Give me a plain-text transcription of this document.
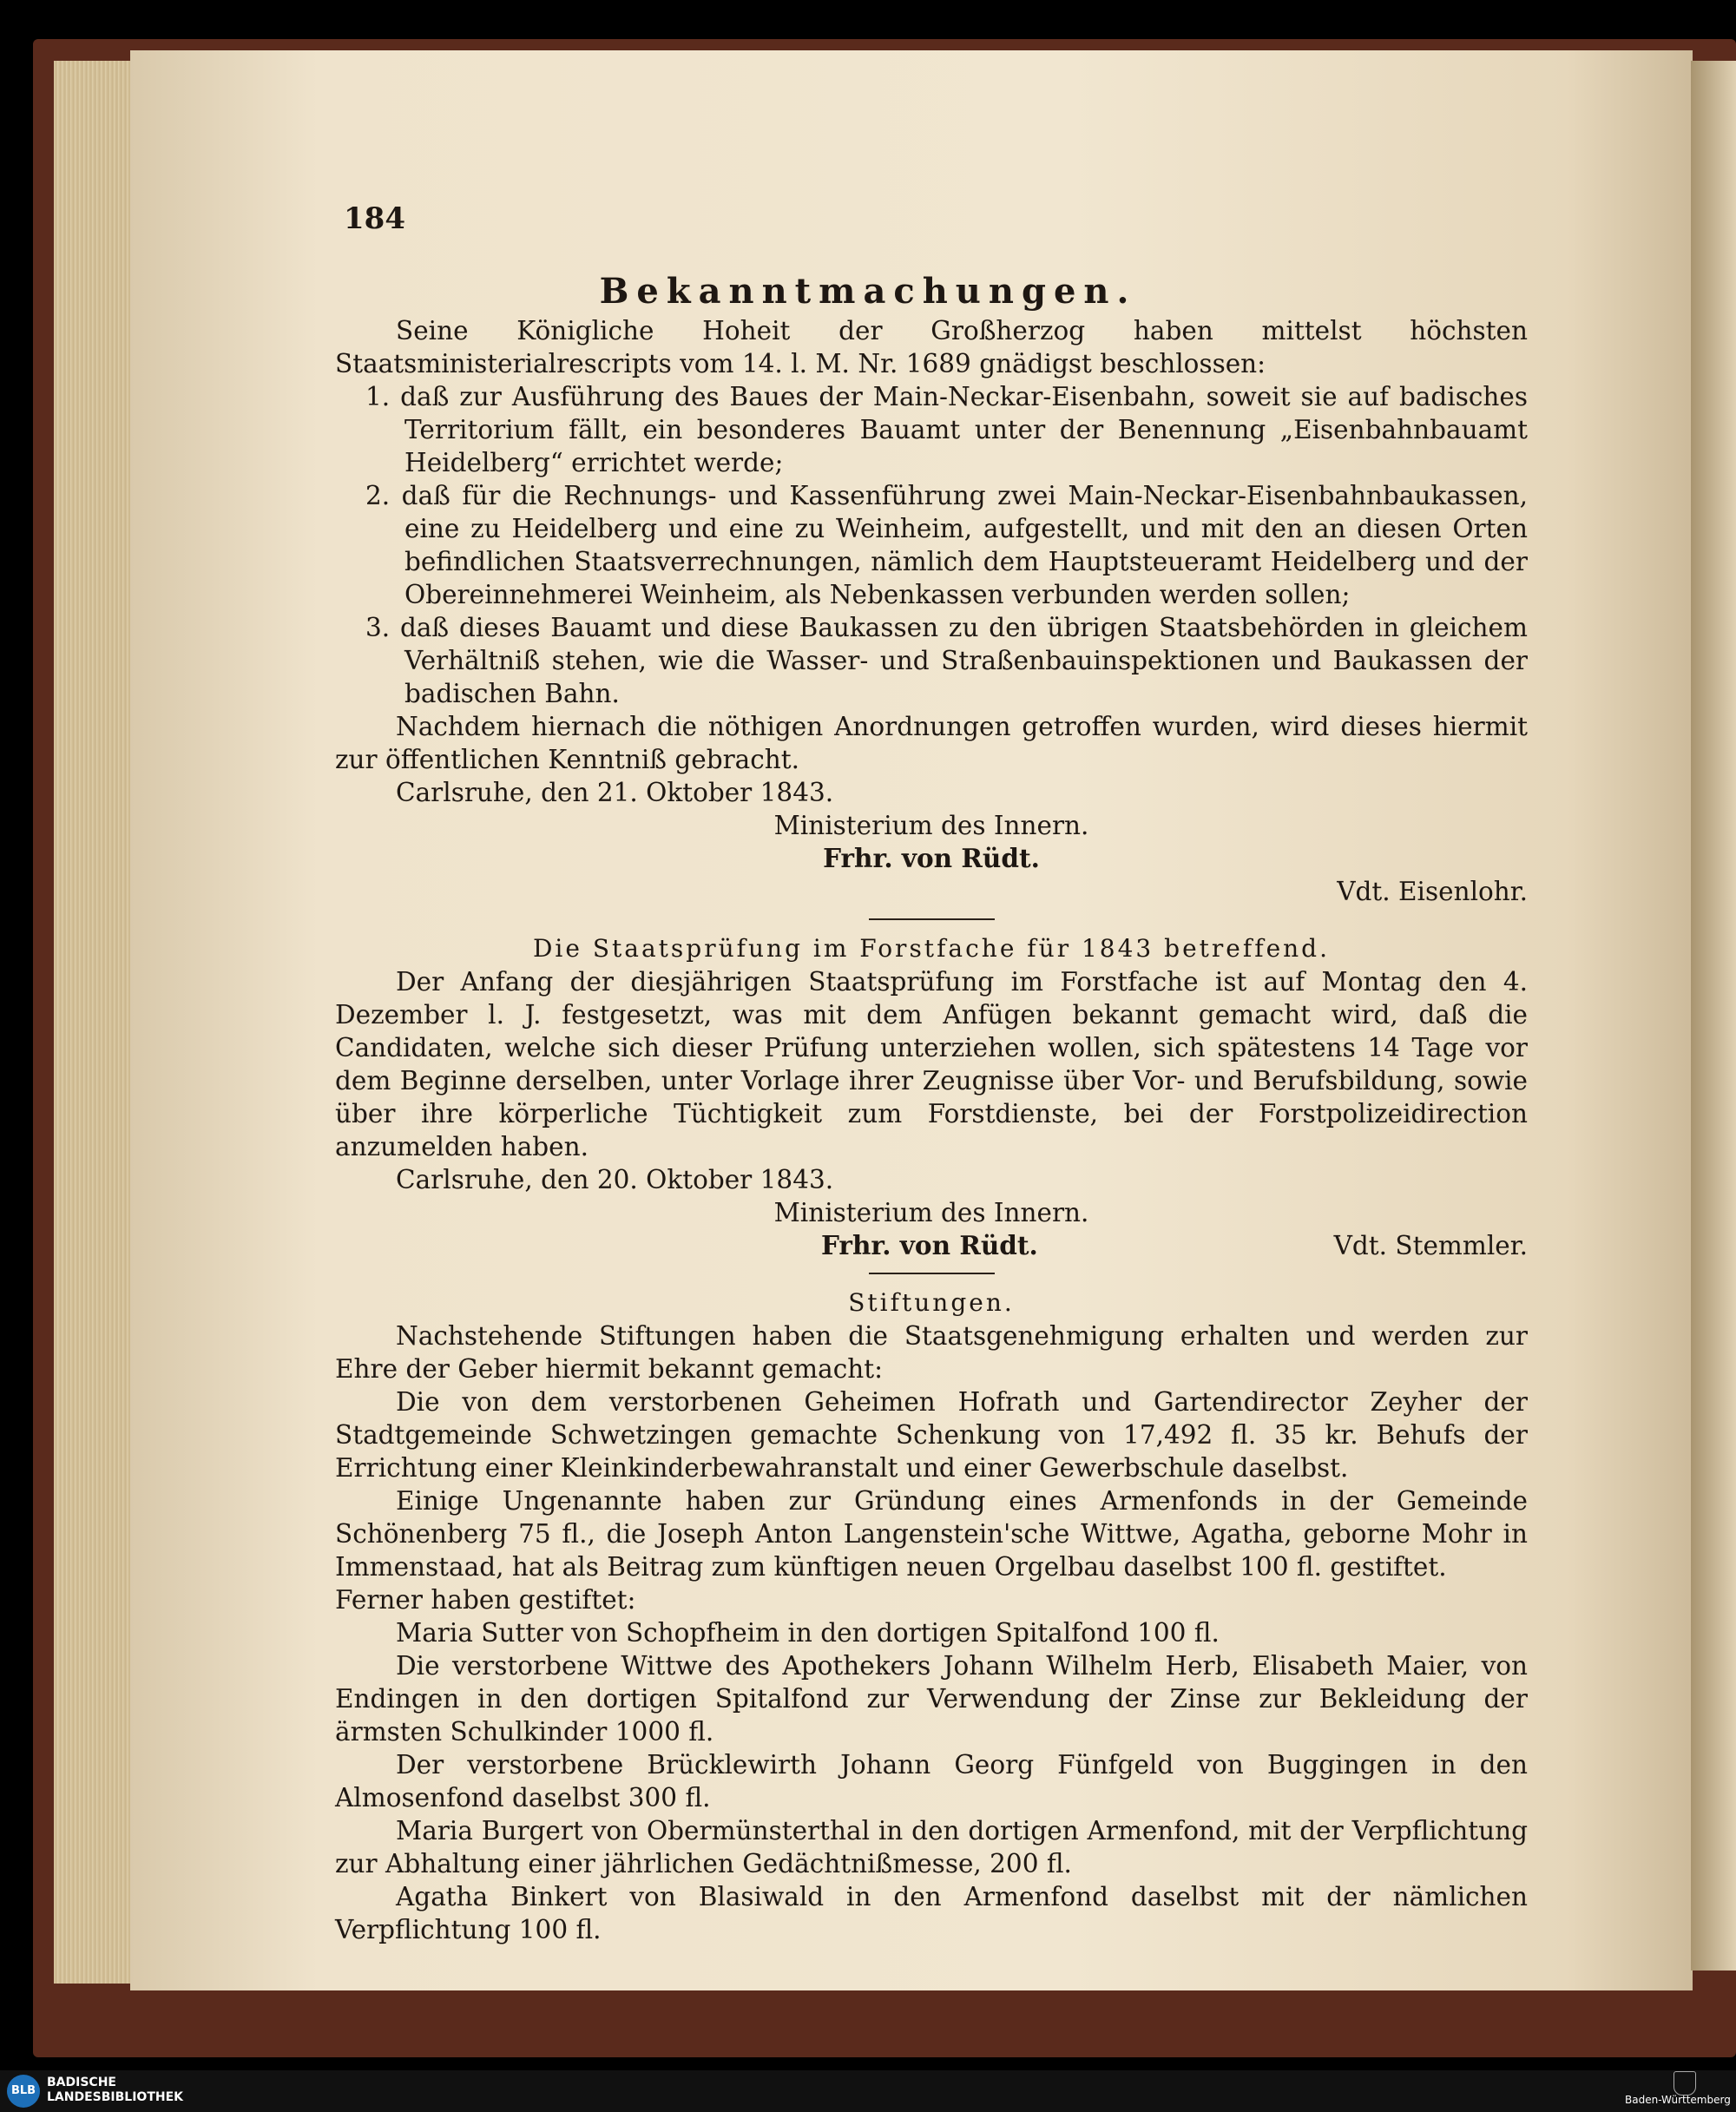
184
Bekanntmachungen.

Seine Königliche Hoheit der Großherzog haben mittelst höchsten Staatsministerialrescripts vom 14. l. M. Nr. 1689 gnädigst beschlossen:

1. daß zur Ausführung des Baues der Main-Neckar-Eisenbahn, soweit sie auf badisches Territorium fällt, ein besonderes Bauamt unter der Benennung „Eisenbahnbauamt Heidelberg“ errichtet werde;

2. daß für die Rechnungs- und Kassenführung zwei Main-Neckar-Eisenbahnbaukassen, eine zu Heidelberg und eine zu Weinheim, aufgestellt, und mit den an diesen Orten befindlichen Staatsverrechnungen, nämlich dem Hauptsteueramt Heidelberg und der Obereinnehmerei Weinheim, als Nebenkassen verbunden werden sollen;

3. daß dieses Bauamt und diese Baukassen zu den übrigen Staatsbehörden in gleichem Verhältniß stehen, wie die Wasser- und Straßenbauinspektionen und Baukassen der badischen Bahn.

Nachdem hiernach die nöthigen Anordnungen getroffen wurden, wird dieses hiermit zur öffentlichen Kenntniß gebracht.

Carlsruhe, den 21. Oktober 1843.

Ministerium des Innern.

Frhr. von Rüdt.

Vdt. Eisenlohr.

Die Staatsprüfung im Forstfache für 1843 betreffend.

Der Anfang der diesjährigen Staatsprüfung im Forstfache ist auf Montag den 4. Dezember l. J. festgesetzt, was mit dem Anfügen bekannt gemacht wird, daß die Candidaten, welche sich dieser Prüfung unterziehen wollen, sich spätestens 14 Tage vor dem Beginne derselben, unter Vorlage ihrer Zeugnisse über Vor- und Berufsbildung, sowie über ihre körperliche Tüchtigkeit zum Forstdienste, bei der Forstpolizeidirection anzumelden haben.

Carlsruhe, den 20. Oktober 1843.

Ministerium des Innern.

Frhr. von Rüdt.	Vdt. Stemmler.

Stiftungen.

Nachstehende Stiftungen haben die Staatsgenehmigung erhalten und werden zur Ehre der Geber hiermit bekannt gemacht:

Die von dem verstorbenen Geheimen Hofrath und Gartendirector Zeyher der Stadtgemeinde Schwetzingen gemachte Schenkung von 17,492 fl. 35 kr. Behufs der Errichtung einer Kleinkinderbewahranstalt und einer Gewerbschule daselbst.

Einige Ungenannte haben zur Gründung eines Armenfonds in der Gemeinde Schönenberg 75 fl., die Joseph Anton Langenstein'sche Wittwe, Agatha, geborne Mohr in Immenstaad, hat als Beitrag zum künftigen neuen Orgelbau daselbst 100 fl. gestiftet.

Ferner haben gestiftet:

Maria Sutter von Schopfheim in den dortigen Spitalfond 100 fl.

Die verstorbene Wittwe des Apothekers Johann Wilhelm Herb, Elisabeth Maier, von Endingen in den dortigen Spitalfond zur Verwendung der Zinse zur Bekleidung der ärmsten Schulkinder 1000 fl.

Der verstorbene Brücklewirth Johann Georg Fünfgeld von Buggingen in den Almosenfond daselbst 300 fl.

Maria Burgert von Obermünsterthal in den dortigen Armenfond, mit der Verpflichtung zur Abhaltung einer jährlichen Gedächtnißmesse, 200 fl.

Agatha Binkert von Blasiwald in den Armenfond daselbst mit der nämlichen Verpflichtung 100 fl.

BLB
BADISCHE
LANDESBIBLIOTHEK	Baden-Württemberg
